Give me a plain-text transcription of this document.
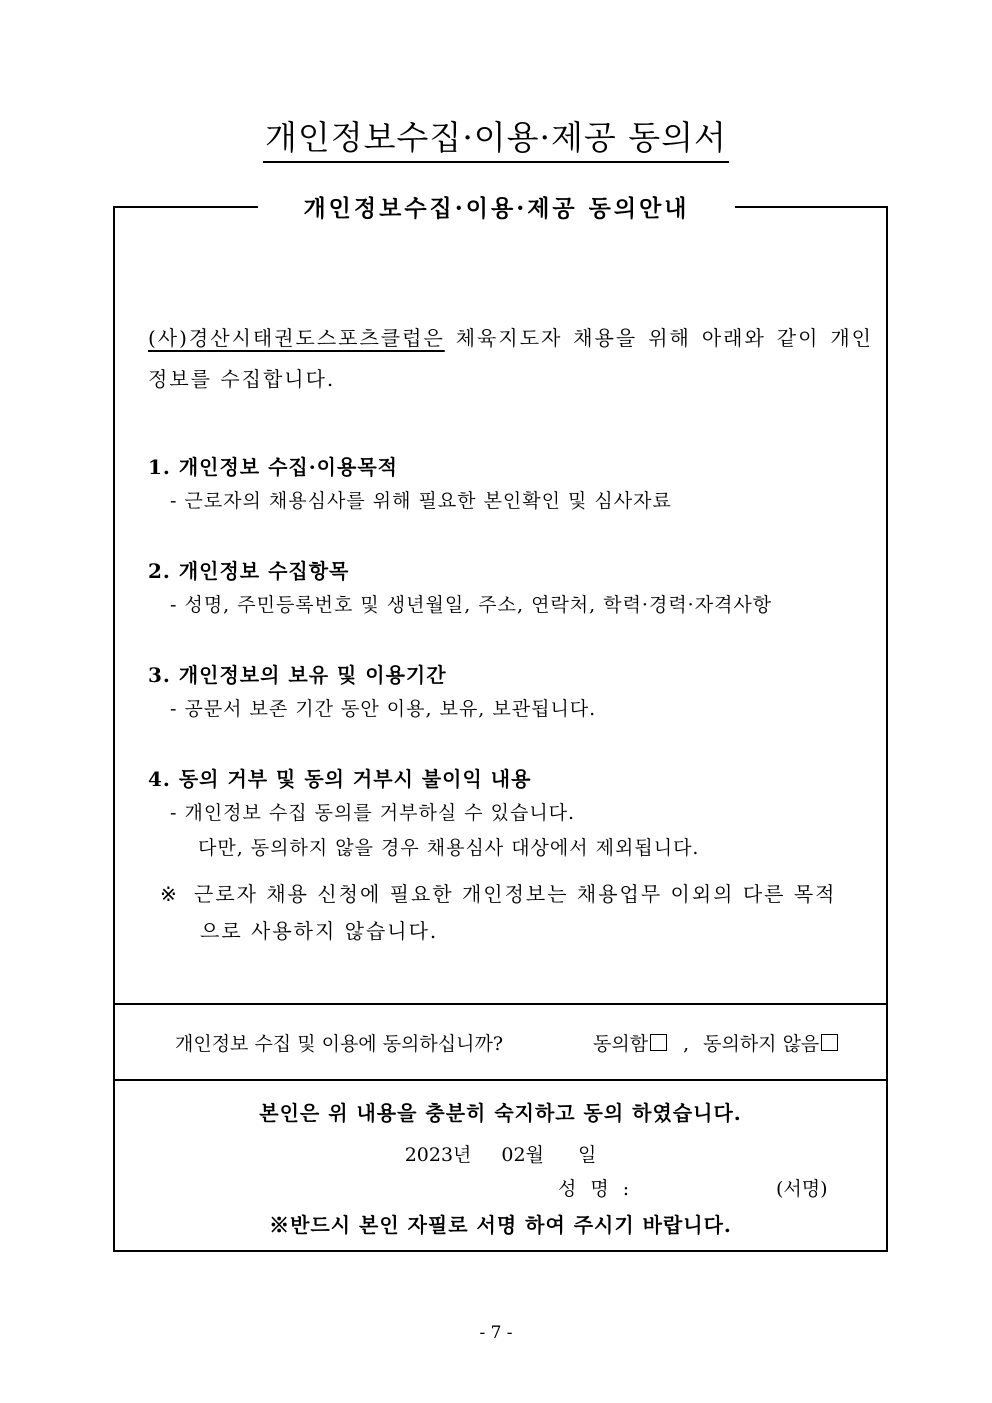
개인정보수집·이용·제공 동의서
개인정보수집·이용·제공 동의안내
(사)경산시태권도스포츠클럽은 체육지도자 채용을 위해 아래와 같이 개인정보를 수집합니다.
1. 개인정보 수집·이용목적
- 근로자의 채용심사를 위해 필요한 본인확인 및 심사자료
2. 개인정보 수집항목
- 성명, 주민등록번호 및 생년월일, 주소, 연락처, 학력·경력·자격사항
3. 개인정보의 보유 및 이용기간
- 공문서 보존 기간 동안 이용, 보유, 보관됩니다.
4. 동의 거부 및 동의 거부시 불이익 내용
- 개인정보 수집 동의를 거부하실 수 있습니다.
다만, 동의하지 않을 경우 채용심사 대상에서 제외됩니다.
※ 근로자 채용 신청에 필요한 개인정보는 채용업무 이외의 다른 목적
으로 사용하지 않습니다.
개인정보 수집 및 이용에 동의하십니까?	동의함 , 동의하지 않음
본인은 위 내용을 충분히 숙지하고 동의 하였습니다.
2023년 02월 일
성 명 :	(서명)
※반드시 본인 자필로 서명 하여 주시기 바랍니다.
- 7 -
